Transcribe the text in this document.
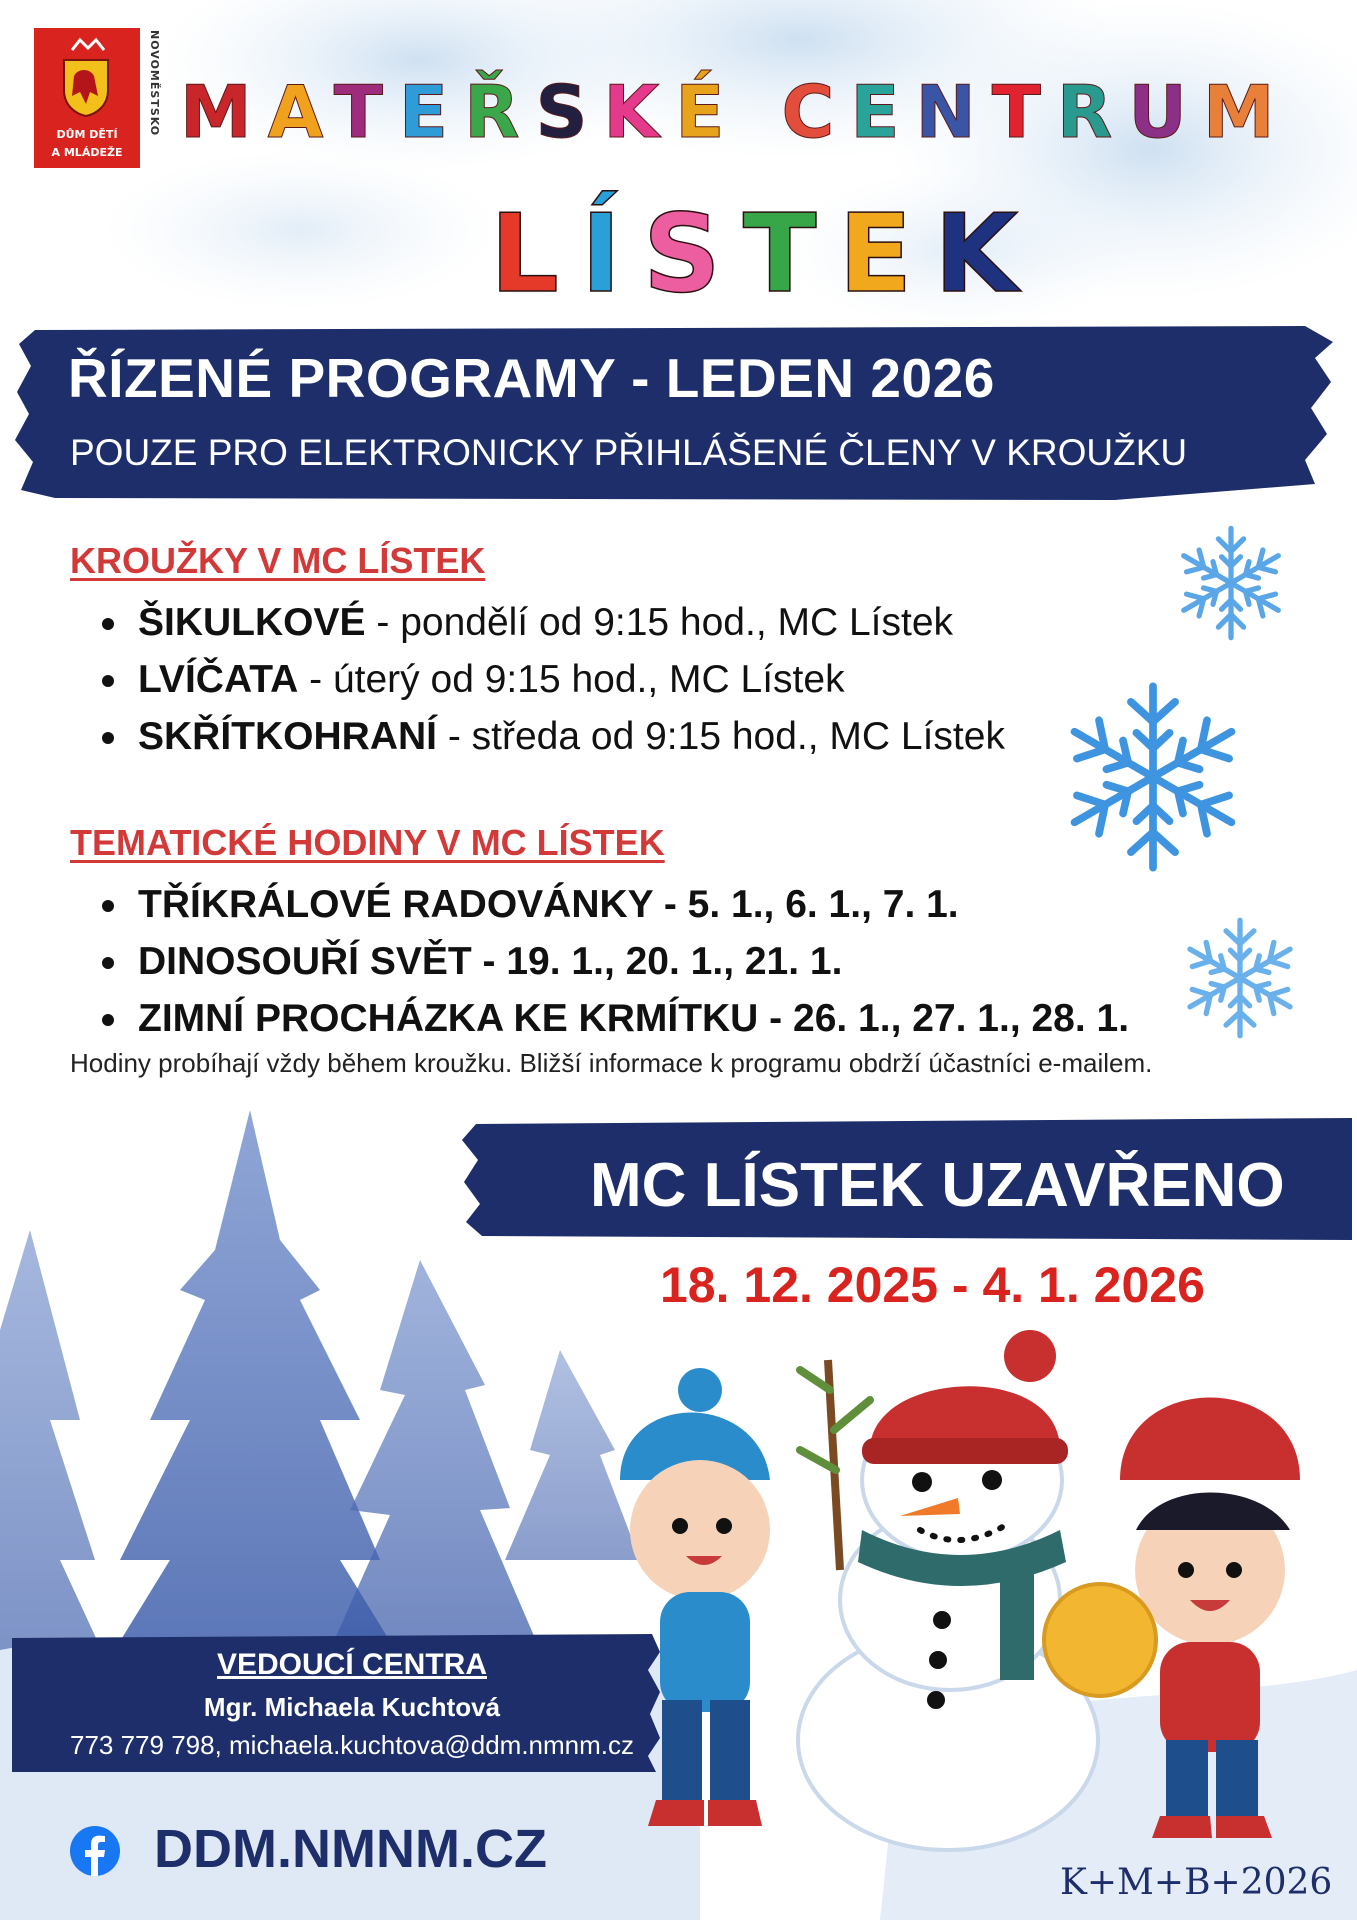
DŮM DĚTÍ
A MLÁDEŽE
NOVOMĚSTSKO MATEŘSKÉ CENTRUM
LÍSTEK
ŘÍZENÉ PROGRAMY - LEDEN 2026
POUZE PRO ELEKTRONICKY PŘIHLÁŠENÉ ČLENY V KROUŽKU
KROUŽKY V MC LÍSTEK
ŠIKULKOVÉ - pondělí od 9:15 hod., MC Lístek
LVÍČATA - úterý od 9:15 hod., MC Lístek
SKŘÍTKOHRANÍ - středa od 9:15 hod., MC Lístek
TEMATICKÉ HODINY V MC LÍSTEK
TŘÍKRÁLOVÉ RADOVÁNKY - 5. 1., 6. 1., 7. 1.
DINOSOUŘÍ SVĚT - 19. 1., 20. 1., 21. 1.
ZIMNÍ PROCHÁZKA KE KRMÍTKU - 26. 1., 27. 1., 28. 1.
Hodiny probíhají vždy během kroužku. Bližší informace k programu obdrží účastníci e-mailem.
MC LÍSTEK UZAVŘENO
18. 12. 2025 - 4. 1. 2026
VEDOUCÍ CENTRA
Mgr. Michaela Kuchtová
773 779 798, michaela.kuchtova@ddm.nmnm.cz
DDM.NMNM.CZ
K+M+B+2026
